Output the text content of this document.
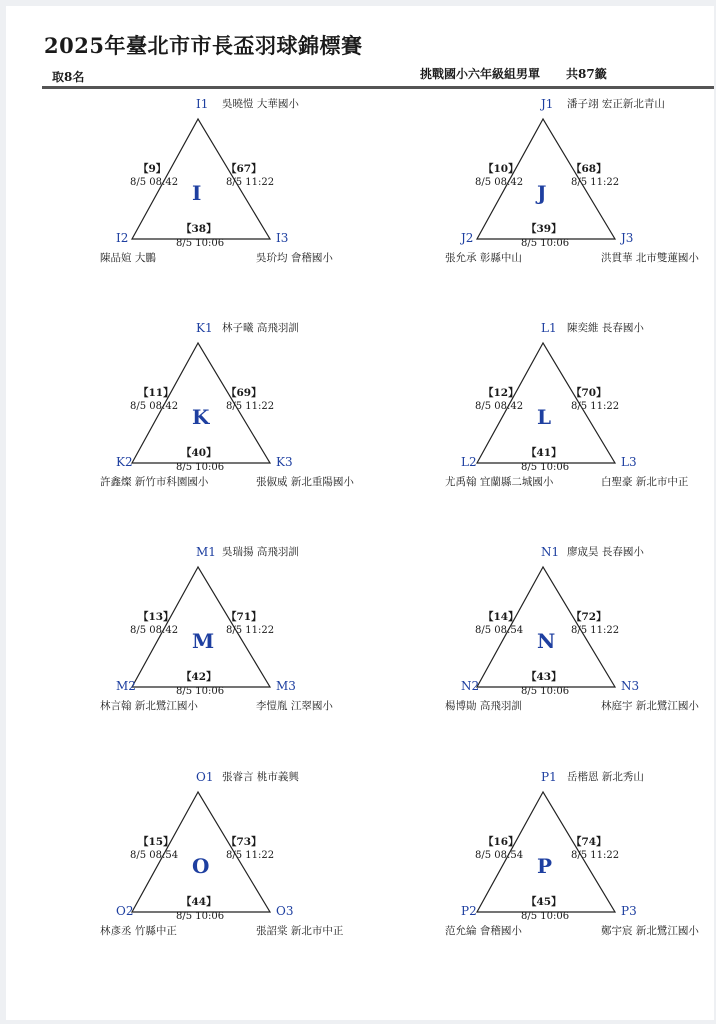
2025年臺北市市長盃羽球錦標賽
取8名	挑戰國小六年級組男單 共87籤
I1 吳曉愷 大華國小
I2
陳品媗 大鵬
I3
吳玠均 會稽國小
I
【9】
8/5 08:42
【67】
8/5 11:22
【38】
8/5 10:06
J1 潘子翊 宏正新北青山
J2
張允承 彰縣中山
J3
洪貫華 北市雙蓮國小
J
【10】
8/5 08:42
【68】
8/5 11:22
【39】
8/5 10:06
K1 林子曦 高飛羽訓
K2
許鑫燦 新竹市科園國小
K3
張俶威 新北重陽國小
K
【11】
8/5 08:42
【69】
8/5 11:22
【40】
8/5 10:06
L1 陳奕維 長春國小
L2
尤禹翰 宜蘭縣二城國小
L3
白聖豪 新北市中正
L
【12】
8/5 08:42
【70】
8/5 11:22
【41】
8/5 10:06
M1 吳瑞揚 高飛羽訓
M2
林言翰 新北鷺江國小
M3
李愷胤 江翠國小
M
【13】
8/5 08:42
【71】
8/5 11:22
【42】
8/5 10:06
N1 廖宬昊 長春國小
N2
楊博勛 高飛羽訓
N3
林庭宇 新北鷺江國小
N
【14】
8/5 08:54
【72】
8/5 11:22
【43】
8/5 10:06
O1 張睿言 桃市義興
O2
林彥丞 竹縣中正
O3
張詔棠 新北市中正
O
【15】
8/5 08:54
【73】
8/5 11:22
【44】
8/5 10:06
P1 岳楷恩 新北秀山
P2
范允綸 會稽國小
P3
鄭宇宸 新北鷺江國小
P
【16】
8/5 08:54
【74】
8/5 11:22
【45】
8/5 10:06
